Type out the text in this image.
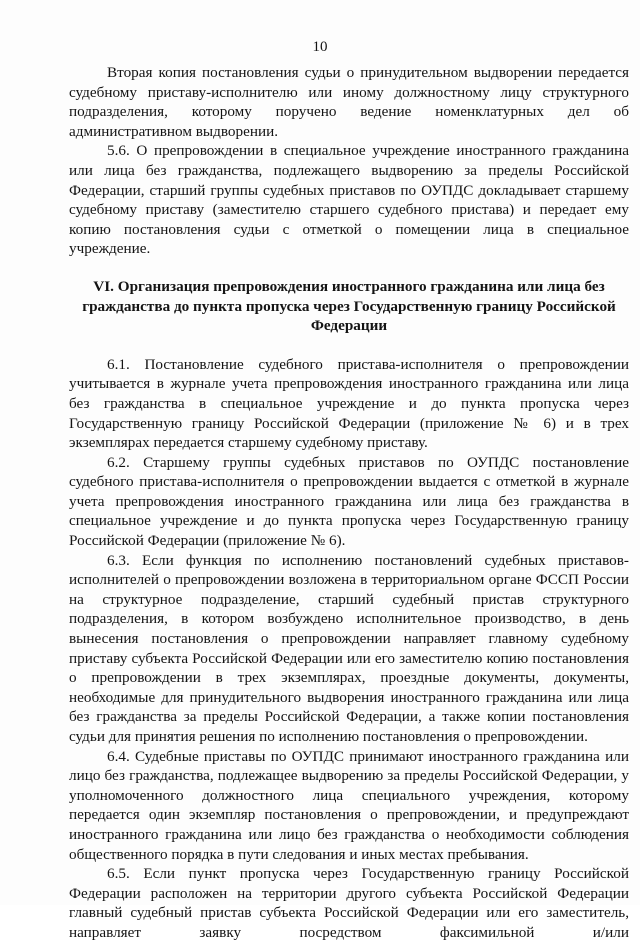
10

Вторая копия постановления судьи о принудительном выдворении передается судебному приставу-исполнителю или иному должностному лицу структурного подразделения, которому поручено ведение номенклатурных дел об административном выдворении.

5.6. О препровождении в специальное учреждение иностранного гражданина или лица без гражданства, подлежащего выдворению за пределы Российской Федерации, старший группы судебных приставов по ОУПДС докладывает старшему судебному приставу (заместителю старшего судебного пристава) и передает ему копию постановления судьи с отметкой о помещении лица в специальное учреждение.

VI. Организация препровождения иностранного гражданина или лица без гражданства до пункта пропуска через Государственную границу Российской Федерации

6.1. Постановление судебного пристава-исполнителя о препровождении учитывается в журнале учета препровождения иностранного гражданина или лица без гражданства в специальное учреждение и до пункта пропуска через Государственную границу Российской Федерации (приложение № 6) и в трех экземплярах передается старшему судебному приставу.

6.2. Старшему группы судебных приставов по ОУПДС постановление судебного пристава-исполнителя о препровождении выдается с отметкой в журнале учета препровождения иностранного гражданина или лица без гражданства в специальное учреждение и до пункта пропуска через Государственную границу Российской Федерации (приложение № 6).

6.3. Если функция по исполнению постановлений судебных приставов-исполнителей о препровождении возложена в территориальном органе ФССП России на структурное подразделение, старший судебный пристав структурного подразделения, в котором возбуждено исполнительное производство, в день вынесения постановления о препровождении направляет главному судебному приставу субъекта Российской Федерации или его заместителю копию постановления о препровождении в трех экземплярах, проездные документы, документы, необходимые для принудительного выдворения иностранного гражданина или лица без гражданства за пределы Российской Федерации, а также копии постановления судьи для принятия решения по исполнению постановления о препровождении.

6.4. Судебные приставы по ОУПДС принимают иностранного гражданина или лицо без гражданства, подлежащее выдворению за пределы Российской Федерации, у уполномоченного должностного лица специального учреждения, которому передается один экземпляр постановления о препровождении, и предупреждают иностранного гражданина или лицо без гражданства о необходимости соблюдения общественного порядка в пути следования и иных местах пребывания.

6.5. Если пункт пропуска через Государственную границу Российской Федерации расположен на территории другого субъекта Российской Федерации главный судебный пристав субъекта Российской Федерации или его заместитель, направляет заявку посредством факсимильной и/или
